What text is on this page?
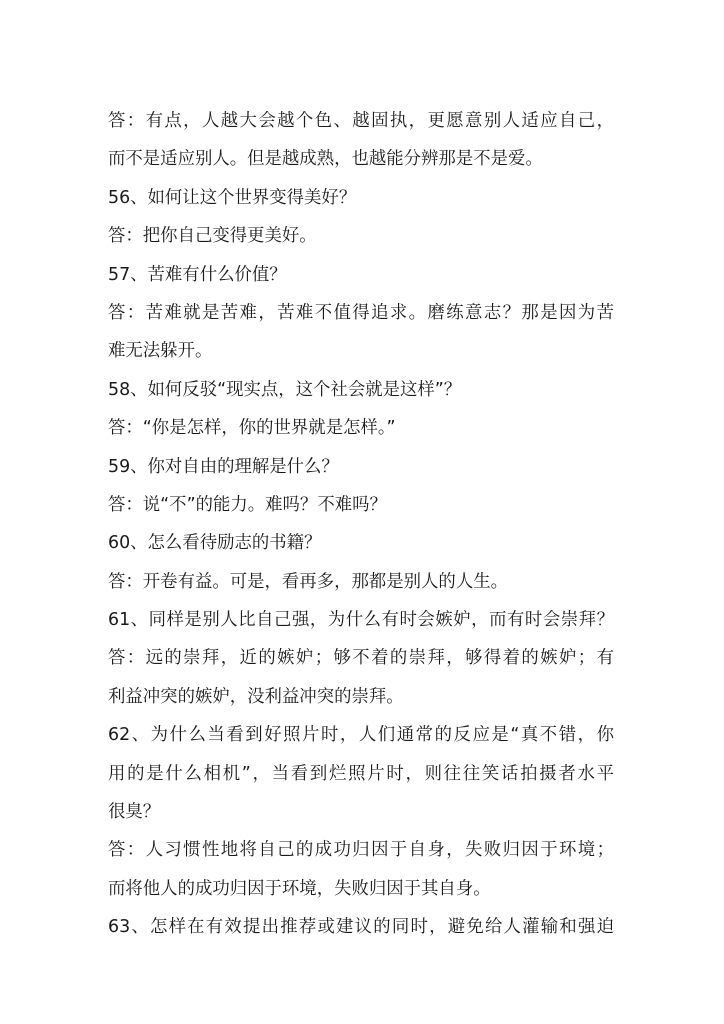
答：有点，人越大会越个色、越固执，更愿意别人适应自己，
而不是适应别人。但是越成熟，也越能分辨那是不是爱。
56、如何让这个世界变得美好？
答：把你自己变得更美好。
57、苦难有什么价值？
答：苦难就是苦难，苦难不值得追求。磨练意志？那是因为苦
难无法躲开。
58、如何反驳“现实点，这个社会就是这样”？
答：“你是怎样，你的世界就是怎样。”
59、你对自由的理解是什么？
答：说“不”的能力。难吗？不难吗？
60、怎么看待励志的书籍？
答：开卷有益。可是，看再多，那都是别人的人生。
61、同样是别人比自己强，为什么有时会嫉妒，而有时会崇拜？
答：远的崇拜，近的嫉妒；够不着的崇拜，够得着的嫉妒；有
利益冲突的嫉妒，没利益冲突的崇拜。
62、为什么当看到好照片时，人们通常的反应是“真不错，你
用的是什么相机”，当看到烂照片时，则往往笑话拍摄者水平
很臭？
答：人习惯性地将自己的成功归因于自身，失败归因于环境；
而将他人的成功归因于环境，失败归因于其自身。
63、怎样在有效提出推荐或建议的同时，避免给人灌输和强迫
